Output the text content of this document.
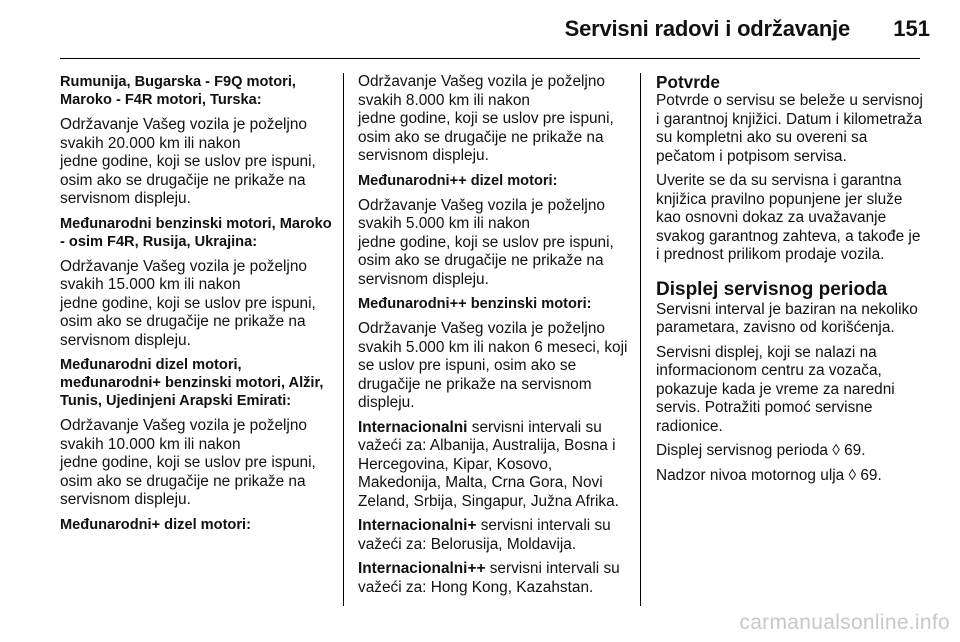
Servisni radovi i održavanje	151
Rumunija, Bugarska - F9Q motori, Maroko - F4R motori, Turska:

Održavanje Vašeg vozila je poželjno svakih 20.000 km ili nakon
jedne godine, koji se uslov pre ispuni, osim ako se drugačije ne prikaže na servisnom displeju.

Međunarodni benzinski motori, Maroko - osim F4R, Rusija, Ukrajina:

Održavanje Vašeg vozila je poželjno svakih 15.000 km ili nakon
jedne godine, koji se uslov pre ispuni, osim ako se drugačije ne prikaže na servisnom displeju.

Međunarodni dizel motori, međunarodni+ benzinski motori, Alžir, Tunis, Ujedinjeni Arapski Emirati:

Održavanje Vašeg vozila je poželjno svakih 10.000 km ili nakon
jedne godine, koji se uslov pre ispuni, osim ako se drugačije ne prikaže na servisnom displeju.

Međunarodni+ dizel motori:

Održavanje Vašeg vozila je poželjno svakih 8.000 km ili nakon
jedne godine, koji se uslov pre ispuni, osim ako se drugačije ne prikaže na servisnom displeju.

Međunarodni++ dizel motori:

Održavanje Vašeg vozila je poželjno svakih 5.000 km ili nakon
jedne godine, koji se uslov pre ispuni, osim ako se drugačije ne prikaže na servisnom displeju.

Međunarodni++ benzinski motori:

Održavanje Vašeg vozila je poželjno svakih 5.000 km ili nakon 6 meseci, koji se uslov pre ispuni, osim ako se drugačije ne prikaže na servisnom displeju.

Internacionalni servisni intervali su važeći za: Albanija, Australija, Bosna i Hercegovina, Kipar, Kosovo, Makedonija, Malta, Crna Gora, Novi Zeland, Srbija, Singapur, Južna Afrika.

Internacionalni+ servisni intervali su važeći za: Belorusija, Moldavija.

Internacionalni++ servisni intervali su važeći za: Hong Kong, Kazahstan.

Potvrde

Potvrde o servisu se beleže u servisnoj i garantnoj knjižici. Datum i kilometraža su kompletni ako su overeni sa pečatom i potpisom servisa.

Uverite se da su servisna i garantna knjižica pravilno popunjene jer služe kao osnovni dokaz za uvažavanje svakog garantnog zahteva, a takođe je i prednost prilikom prodaje vozila.

Displej servisnog perioda

Servisni interval je baziran na nekoliko parametara, zavisno od korišćenja.

Servisni displej, koji se nalazi na informacionom centru za vozača, pokazuje kada je vreme za naredni servis. Potražiti pomoć servisne radionice.

Displej servisnog perioda ◊ 69.

Nadzor nivoa motornog ulja ◊ 69.

carmanualsonline.info
